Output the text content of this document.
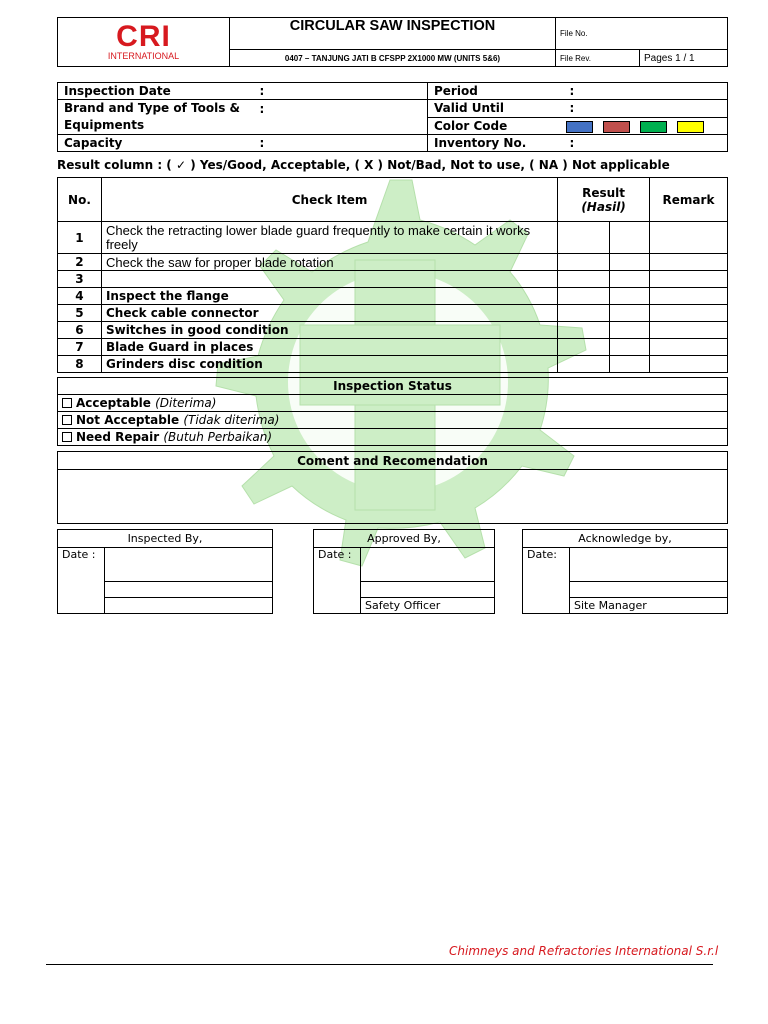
CRI
INTERNATIONAL	CIRCULAR SAW INSPECTION	File No.	
	0407 – TANJUNG JATI B CFSPP 2X1000 MW (UNITS 5&6)	File Rev.	Pages 1 / 1
Inspection Date	:	Period	:
Brand and Type of Tools &
Equipments	:	Valid Until	:
		Color Code	
Capacity	:	Inventory No.	:
Result column : ( ✓ ) Yes/Good, Acceptable, ( X ) Not/Bad, Not to use, ( NA ) Not applicable
No.	Check Item	Result (Hasil)		Remark
1	Check the retracting lower blade guard frequently to make certain it works freely			
2	Check the saw for proper blade rotation			
3				
4	Inspect the flange			
5	Check cable connector			
6	Switches in good condition			
7	Blade Guard in places			
8	Grinders disc condition			
Inspection Status
Acceptable (Diterima)
Not Acceptable (Tidak diterima)
Need Repair (Butuh Perbaikan)
Coment and Recomendation

Inspected By,
Date :	

Approved By,
Date :	

Safety Officer
Acknowledge by,
Date:	

Site Manager
Chimneys and Refractories International S.r.l
